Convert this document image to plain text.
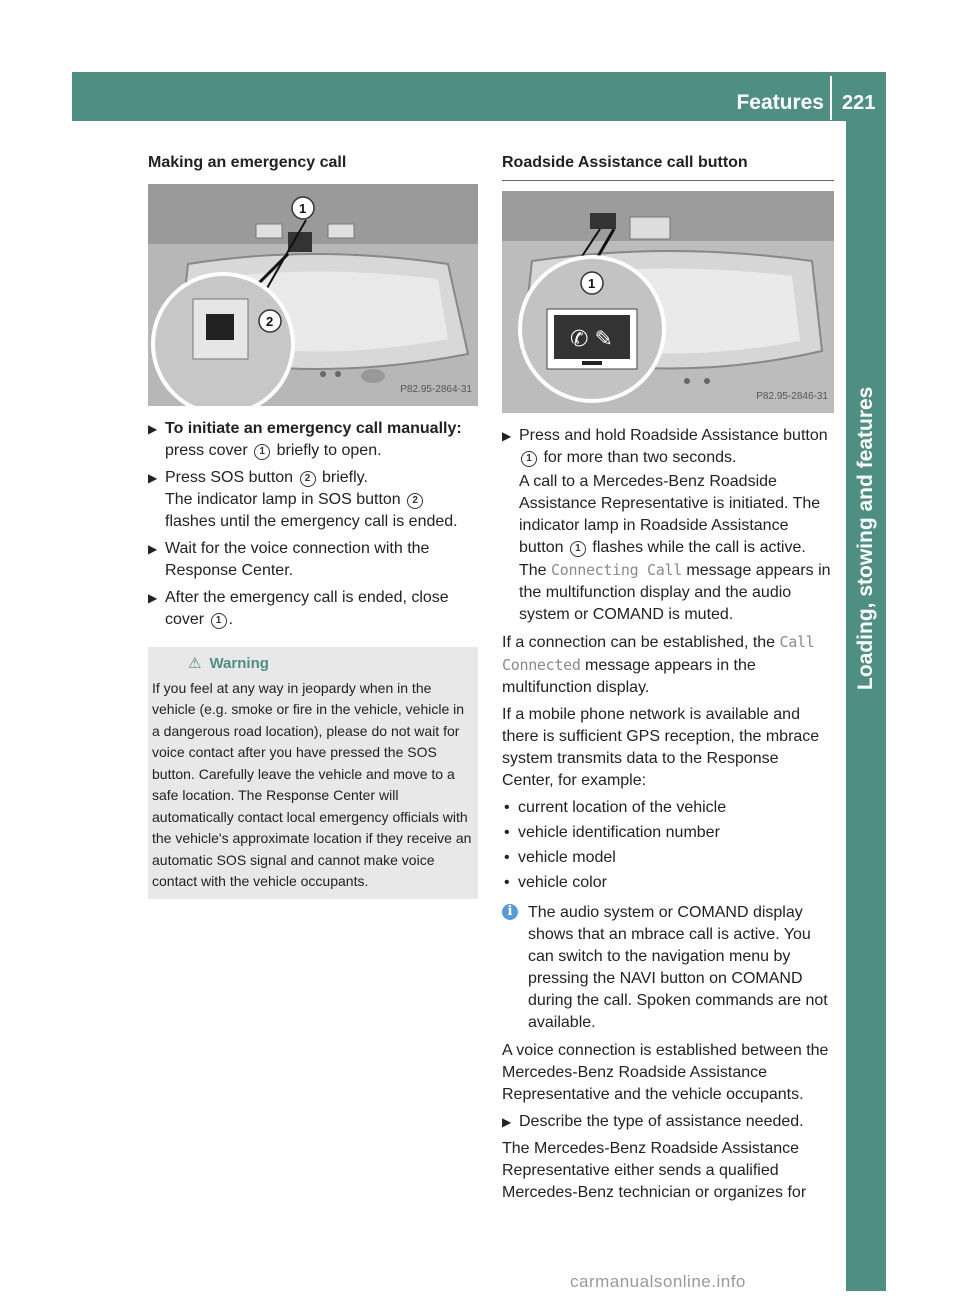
Features 221
Loading, stowing and features
Making an emergency call
1
2
P82.95-2864-31
▶ To initiate an emergency call manually: press cover 1 briefly to open.
▶ Press SOS button 2 briefly.
The indicator lamp in SOS button 2
flashes until the emergency call is ended.
▶ Wait for the voice connection with the Response Center.
▶ After the emergency call is ended, close cover 1 .
⚠ Warning
If you feel at any way in jeopardy when in the vehicle (e.g. smoke or fire in the vehicle, vehicle in a dangerous road location), please do not wait for voice contact after you have pressed the SOS button. Carefully leave the vehicle and move to a safe location. The Response Center will automatically contact local emergency officials with the vehicle's approximate location if they receive an automatic SOS signal and cannot make voice contact with the vehicle occupants.
Roadside Assistance call button
✆ ✎
1
P82.95-2846-31
▶ Press and hold Roadside Assistance button 1 for more than two seconds.
A call to a Mercedes-Benz Roadside Assistance Representative is initiated. The indicator lamp in Roadside Assistance button 1 flashes while the call is active.
The Connecting Call message appears in the multifunction display and the audio system or COMAND is muted.
If a connection can be established, the Call Connected message appears in the multifunction display.
If a mobile phone network is available and there is sufficient GPS reception, the mbrace system transmits data to the Response Center, for example:
• current location of the vehicle
• vehicle identification number
• vehicle model
• vehicle color
i The audio system or COMAND display shows that an mbrace call is active. You can switch to the navigation menu by pressing the NAVI button on COMAND during the call. Spoken commands are not available.
A voice connection is established between the Mercedes-Benz Roadside Assistance Representative and the vehicle occupants.
▶ Describe the type of assistance needed.
The Mercedes-Benz Roadside Assistance Representative either sends a qualified Mercedes-Benz technician or organizes for
carmanualsonline.info
